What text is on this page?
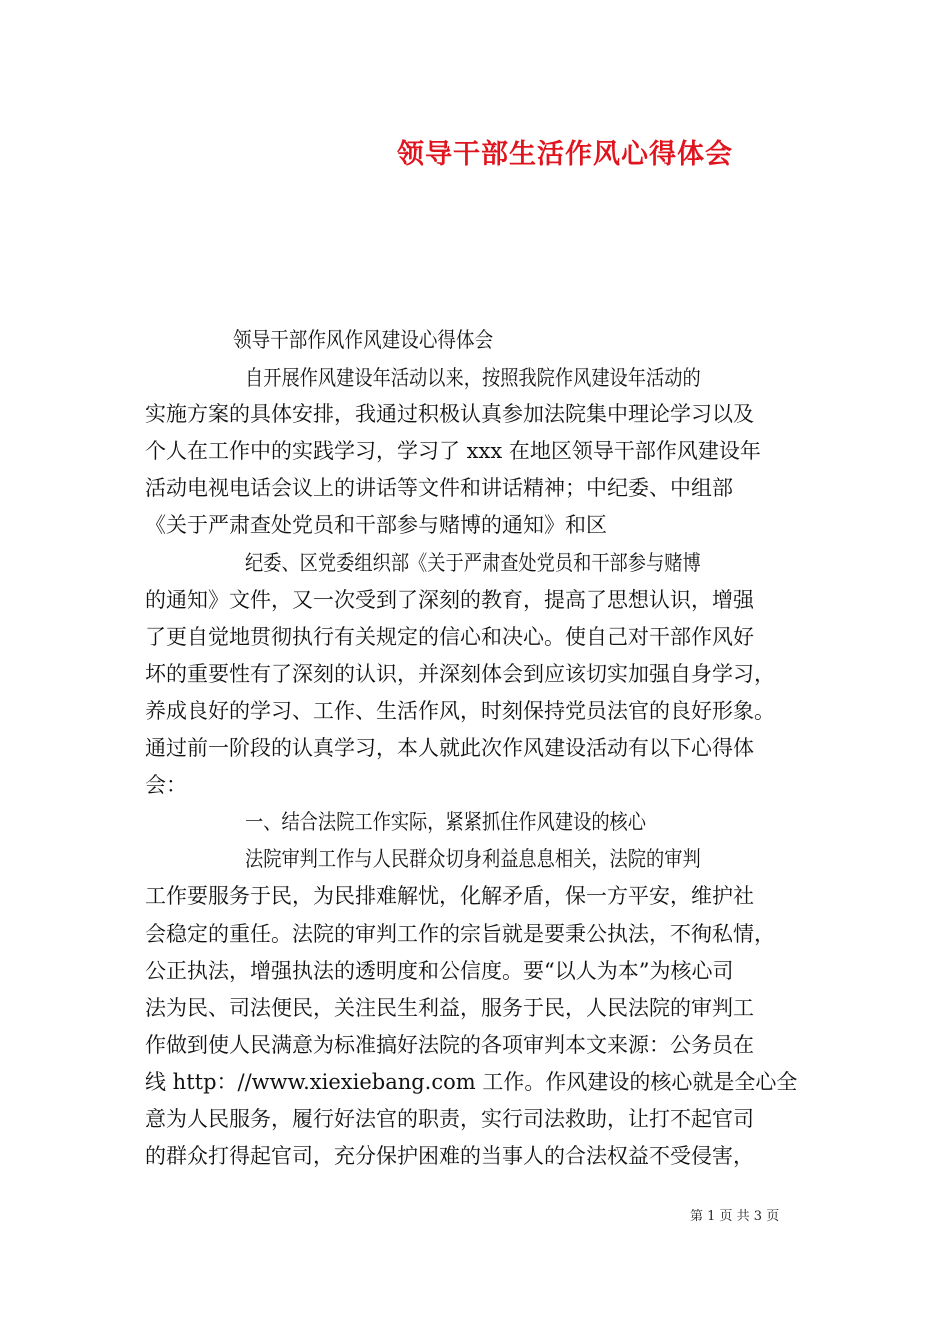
领导干部生活作风心得体会

领导干部作风作风建设心得体会

自开展作风建设年活动以来，按照我院作风建设年活动的

实施方案的具体安排，我通过积极认真参加法院集中理论学习以及

个人在工作中的实践学习，学习了 xxx 在地区领导干部作风建设年

活动电视电话会议上的讲话等文件和讲话精神；中纪委、中组部

《关于严肃查处党员和干部参与赌博的通知》和区

纪委、区党委组织部《关于严肃查处党员和干部参与赌博

的通知》文件，又一次受到了深刻的教育，提高了思想认识，增强

了更自觉地贯彻执行有关规定的信心和决心。使自己对干部作风好

坏的重要性有了深刻的认识，并深刻体会到应该切实加强自身学习，

养成良好的学习、工作、生活作风，时刻保持党员法官的良好形象。

通过前一阶段的认真学习，本人就此次作风建设活动有以下心得体

会：

一、结合法院工作实际，紧紧抓住作风建设的核心

法院审判工作与人民群众切身利益息息相关，法院的审判

工作要服务于民，为民排难解忧，化解矛盾，保一方平安，维护社

会稳定的重任。法院的审判工作的宗旨就是要秉公执法，不徇私情，

公正执法，增强执法的透明度和公信度。要“以人为本”为核心司

法为民、司法便民，关注民生利益，服务于民，人民法院的审判工

作做到使人民满意为标准搞好法院的各项审判本文来源：公务员在

线 http：//www.xiexiebang.com 工作。作风建设的核心就是全心全

意为人民服务，履行好法官的职责，实行司法救助，让打不起官司

的群众打得起官司，充分保护困难的当事人的合法权益不受侵害，

第 1 页 共 3 页
